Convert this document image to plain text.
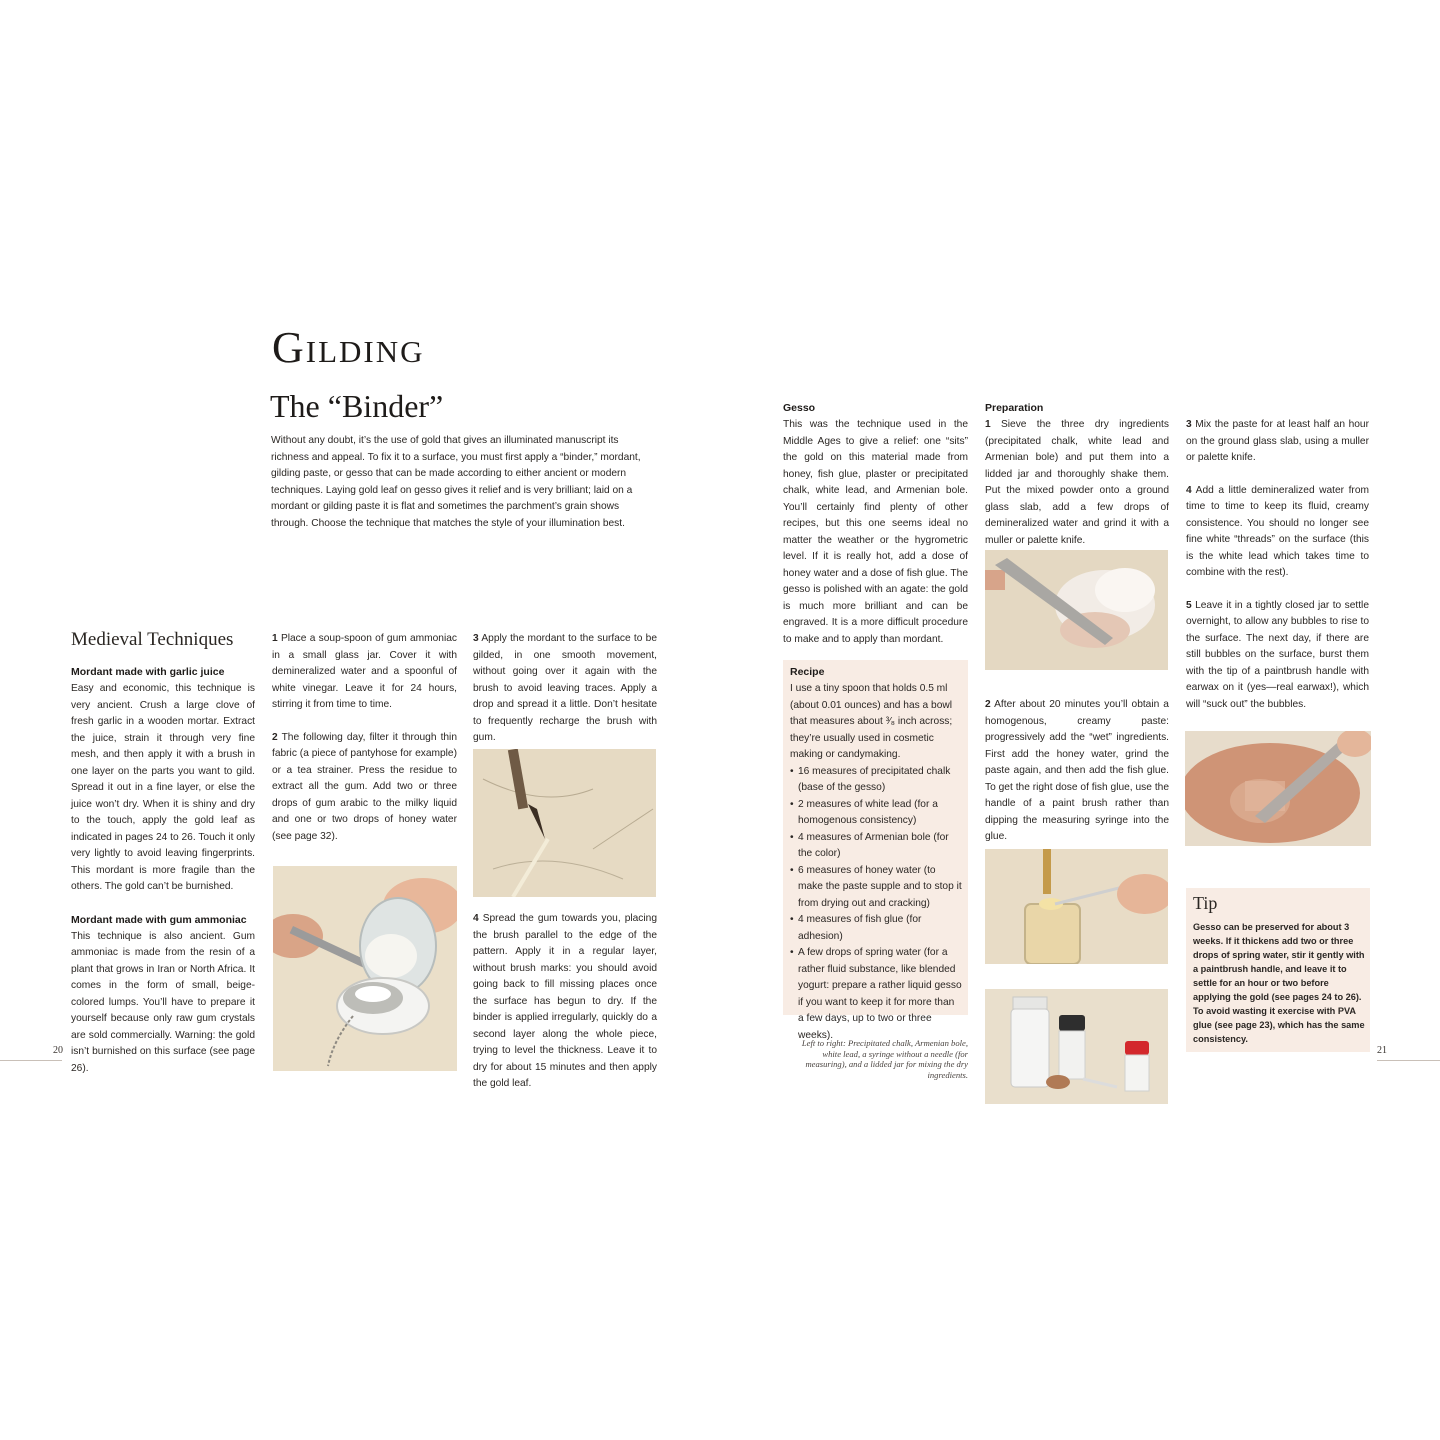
Gilding
The “Binder”
Without any doubt, it’s the use of gold that gives an illuminated manuscript its richness and appeal. To fix it to a surface, you must first apply a “binder,” mordant, gilding paste, or gesso that can be made according to either ancient or modern techniques. Laying gold leaf on gesso gives it relief and is very brilliant; laid on a mordant or gilding paste it is flat and sometimes the parchment’s grain shows through. Choose the technique that matches the style of your illumination best.
Medieval Techniques
Mordant made with garlic juice
Easy and economic, this technique is very ancient. Crush a large clove of fresh garlic in a wooden mortar. Extract the juice, strain it through very fine mesh, and then apply it with a brush in one layer on the parts you want to gild. Spread it out in a fine layer, or else the juice won’t dry. When it is shiny and dry to the touch, apply the gold leaf as indicated in pages 24 to 26. Touch it only very lightly to avoid leaving fingerprints. This mordant is more fragile than the others. The gold can’t be burnished.
Mordant made with gum ammoniac
This technique is also ancient. Gum ammoniac is made from the resin of a plant that grows in Iran or North Africa. It comes in the form of small, beige-colored lumps. You’ll have to prepare it yourself because only raw gum crystals are sold commercially. Warning: the gold isn’t burnished on this surface (see page 26).
1 Place a soup-spoon of gum ammoniac in a small glass jar. Cover it with demineralized water and a spoonful of white vinegar. Leave it for 24 hours, stirring it from time to time.
2 The following day, filter it through thin fabric (a piece of pantyhose for example) or a tea strainer. Press the residue to extract all the gum. Add two or three drops of gum arabic to the milky liquid and one or two drops of honey water (see page 32).
3 Apply the mordant to the surface to be gilded, in one smooth movement, without going over it again with the brush to avoid leaving traces. Apply a drop and spread it a little. Don’t hesitate to frequently recharge the brush with gum.
4 Spread the gum towards you, placing the brush parallel to the edge of the pattern. Apply it in a regular layer, without brush marks: you should avoid going back to fill missing places once the surface has begun to dry. If the binder is applied irregularly, quickly do a second layer along the whole piece, trying to level the thickness. Leave it to dry for about 15 minutes and then apply the gold leaf.
20
Gesso
This was the technique used in the Middle Ages to give a relief: one “sits” the gold on this material made from honey, fish glue, plaster or precipitated chalk, white lead, and Armenian bole. You’ll certainly find plenty of other recipes, but this one seems ideal no matter the weather or the hygrometric level. If it is really hot, add a dose of honey water and a dose of fish glue. The gesso is polished with an agate: the gold is much more brilliant and can be engraved. It is a more difficult procedure to make and to apply than mordant.
Recipe
I use a tiny spoon that holds 0.5 ml (about 0.01 ounces) and has a bowl that measures about ³⁄₈ inch across; they’re usually used in cosmetic making or candymaking.
• 16 measures of precipitated chalk (base of the gesso)
• 2 measures of white lead (for a homogenous consistency)
• 4 measures of Armenian bole (for the color)
• 6 measures of honey water (to make the paste supple and to stop it from drying out and cracking)
• 4 measures of fish glue (for adhesion)
• A few drops of spring water (for a rather fluid substance, like blended yogurt: prepare a rather liquid gesso if you want to keep it for more than a few days, up to two or three weeks).
Left to right: Precipitated chalk, Armenian bole, white lead, a syringe without a needle (for measuring), and a lidded jar for mixing the dry ingredients.
Preparation
1 Sieve the three dry ingredients (precipitated chalk, white lead and Armenian bole) and put them into a lidded jar and thoroughly shake them. Put the mixed powder onto a ground glass slab, add a few drops of demineralized water and grind it with a muller or palette knife.
2 After about 20 minutes you’ll obtain a homogenous, creamy paste: progressively add the “wet” ingredients. First add the honey water, grind the paste again, and then add the fish glue. To get the right dose of fish glue, use the handle of a paint brush rather than dipping the measuring syringe into the glue.
3 Mix the paste for at least half an hour on the ground glass slab, using a muller or palette knife.
4 Add a little demineralized water from time to time to keep its fluid, creamy consistence. You should no longer see fine white “threads” on the surface (this is the white lead which takes time to combine with the rest).
5 Leave it in a tightly closed jar to settle overnight, to allow any bubbles to rise to the surface. The next day, if there are still bubbles on the surface, burst them with the tip of a paintbrush handle with earwax on it (yes—real earwax!), which will “suck out” the bubbles.
Tip
Gesso can be preserved for about 3 weeks. If it thickens add two or three drops of spring water, stir it gently with a paintbrush handle, and leave it to settle for an hour or two before applying the gold (see pages 24 to 26). To avoid wasting it exercise with PVA glue (see page 23), which has the same consistency.
21
